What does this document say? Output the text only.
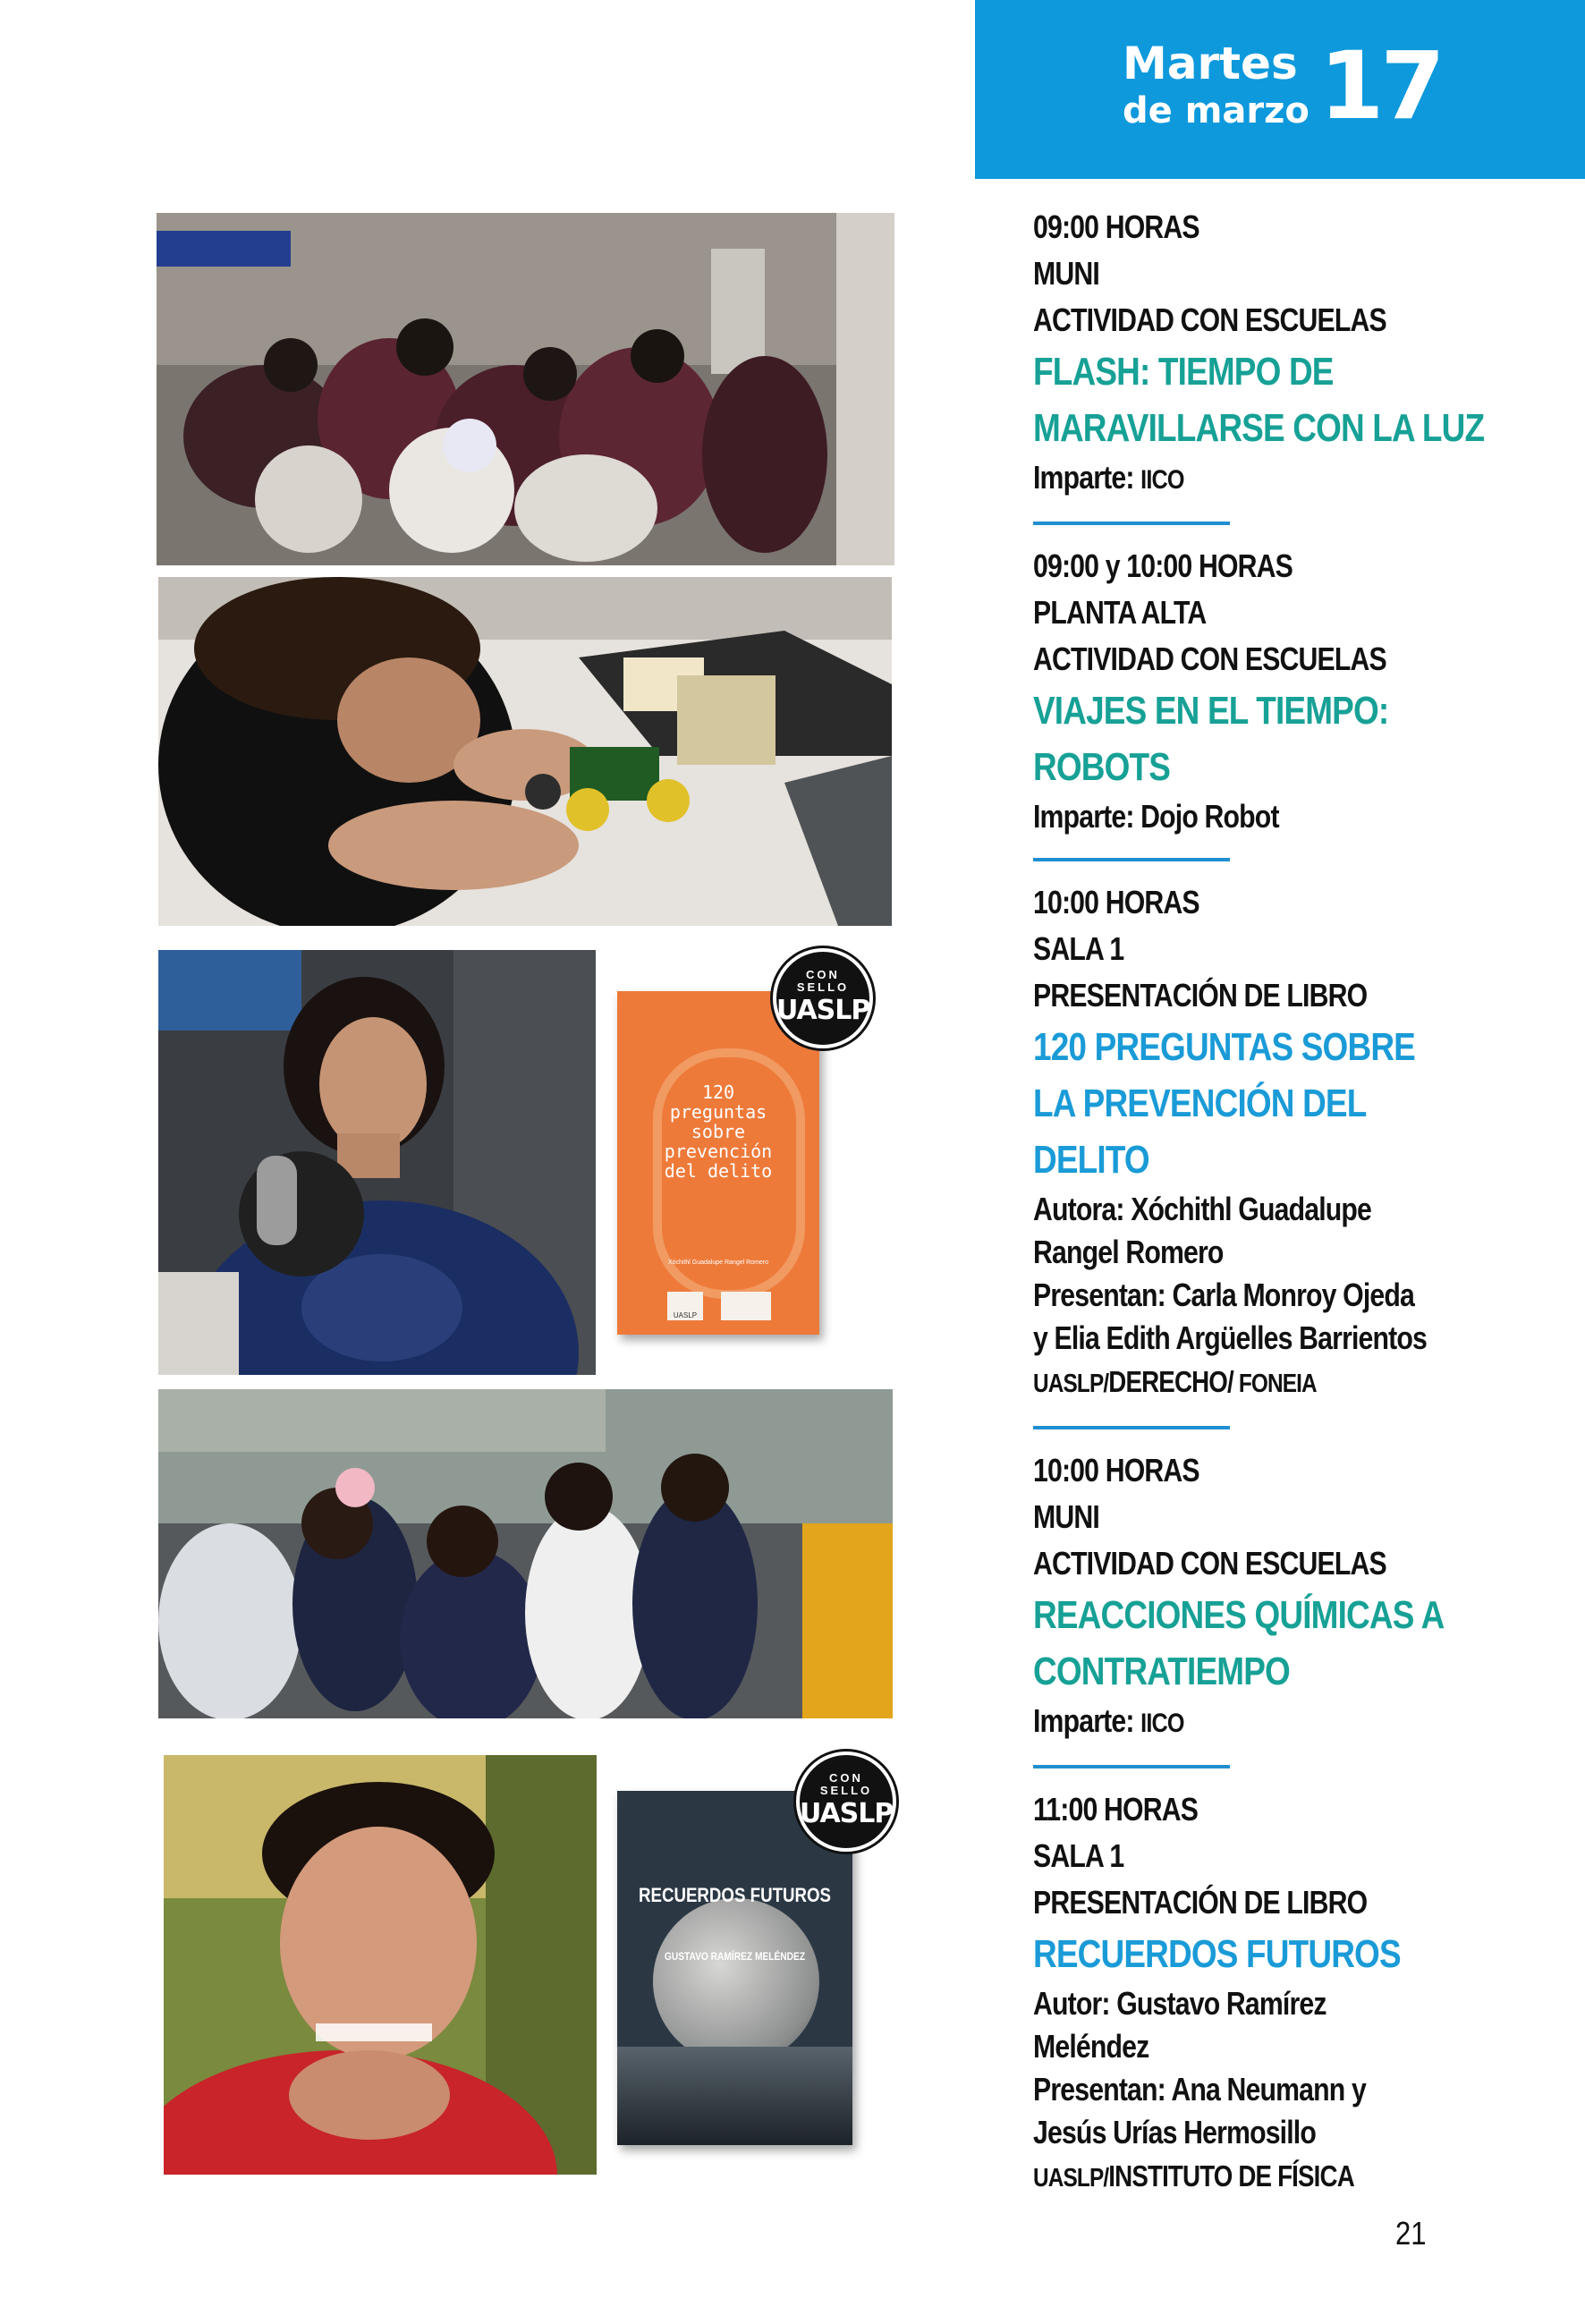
Martes
de marzo 17
120
preguntas
sobre
prevención
del delito
Xóchithl Guadalupe Rangel Romero
UASLP
CON
SELLO
UASLP
RECUERDOS FUTUROS
GUSTAVO RAMÍREZ MELÉNDEZ
CON
SELLO
UASLP
09:00 HORAS
MUNI
ACTIVIDAD CON ESCUELAS
FLASH: TIEMPO DE
MARAVILLARSE CON LA LUZ
Imparte: IICO
09:00 y 10:00 HORAS
PLANTA ALTA
ACTIVIDAD CON ESCUELAS
VIAJES EN EL TIEMPO:
ROBOTS
Imparte: Dojo Robot
10:00 HORAS
SALA 1
PRESENTACIÓN DE LIBRO
120 PREGUNTAS SOBRE
LA PREVENCIÓN DEL
DELITO
Autora: Xóchithl Guadalupe
Rangel Romero
Presentan: Carla Monroy Ojeda
y Elia Edith Argüelles Barrientos
UASLP/DERECHO/ FONEIA
10:00 HORAS
MUNI
ACTIVIDAD CON ESCUELAS
REACCIONES QUÍMICAS A
CONTRATIEMPO
Imparte: IICO
11:00 HORAS
SALA 1
PRESENTACIÓN DE LIBRO
RECUERDOS FUTUROS
Autor: Gustavo Ramírez
Meléndez
Presentan: Ana Neumann y
Jesús Urías Hermosillo
UASLP/INSTITUTO DE FÍSICA
21
